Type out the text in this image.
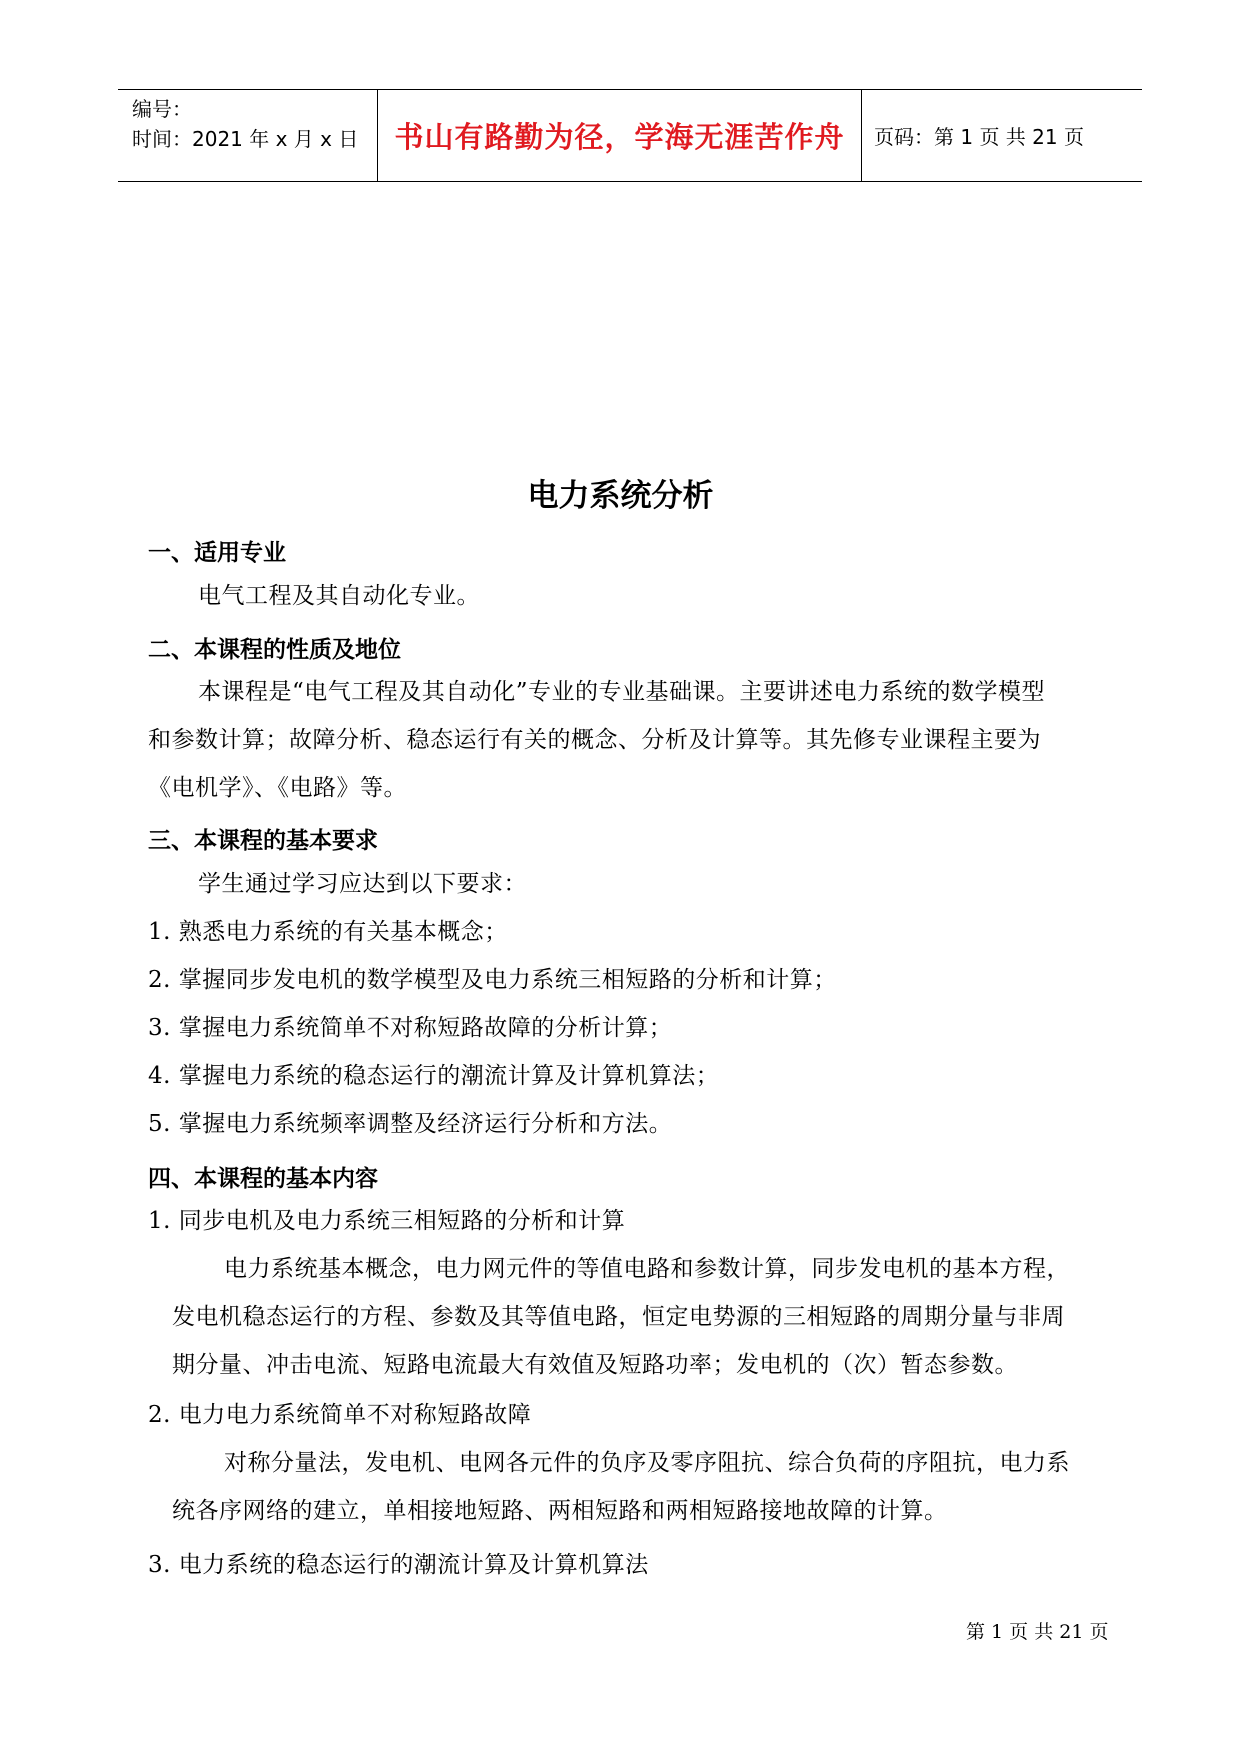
编号：
时间：2021 年 x 月 x 日	书山有路勤为径，学海无涯苦作舟 页码：第 1 页 共 21 页
电力系统分析
一、适用专业
电气工程及其自动化专业。
二、本课程的性质及地位
本课程是“电气工程及其自动化”专业的专业基础课。主要讲述电力系统的数学模型
和参数计算；故障分析、稳态运行有关的概念、分析及计算等。其先修专业课程主要为
《电机学》、《电路》等。
三、本课程的基本要求
学生通过学习应达到以下要求：
1. 熟悉电力系统的有关基本概念；
2. 掌握同步发电机的数学模型及电力系统三相短路的分析和计算；
3. 掌握电力系统简单不对称短路故障的分析计算；
4. 掌握电力系统的稳态运行的潮流计算及计算机算法；
5. 掌握电力系统频率调整及经济运行分析和方法。
四、本课程的基本内容
1. 同步电机及电力系统三相短路的分析和计算
电力系统基本概念，电力网元件的等值电路和参数计算，同步发电机的基本方程，
发电机稳态运行的方程、参数及其等值电路，恒定电势源的三相短路的周期分量与非周
期分量、冲击电流、短路电流最大有效值及短路功率；发电机的（次）暂态参数。
2. 电力电力系统简单不对称短路故障
对称分量法，发电机、电网各元件的负序及零序阻抗、综合负荷的序阻抗，电力系
统各序网络的建立，单相接地短路、两相短路和两相短路接地故障的计算。
3. 电力系统的稳态运行的潮流计算及计算机算法
第 1 页 共 21 页
